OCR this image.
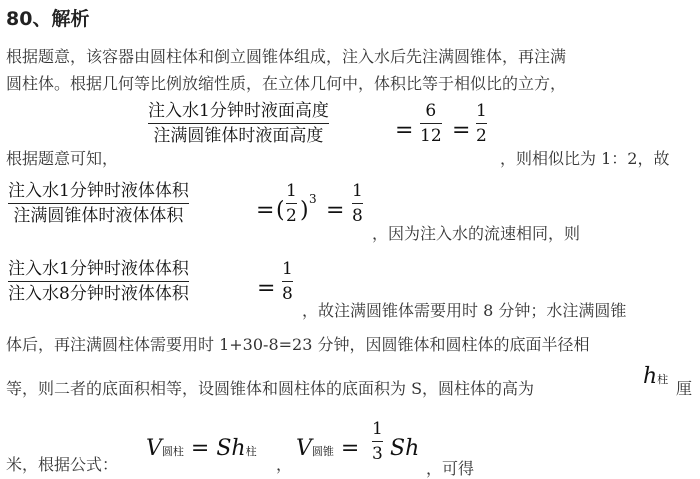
80、解析
根据题意，该容器由圆柱体和倒立圆锥体组成，注入水后先注满圆锥体，再注满
圆柱体。根据几何等比例放缩性质，在立体几何中，体积比等于相似比的立方，
根据题意可知，
注入水1分钟时液面高度
注满圆锥体时液面高度	=
6
12 =
1
2
，则相似比为 1：2，故
注入水1分钟时液体体积
注满圆锥体时液体体积	= (
1
2 ) 3 =
1
8
，因为注入水的流速相同，则
注入水1分钟时液体体积
注入水8分钟时液体体积	=
1
8
，故注满圆锥体需要用时 8 分钟；水注满圆锥
体后，再注满圆柱体需要用时 1+30-8=23 分钟，因圆锥体和圆柱体的底面半径相
等，则二者的底面积相等，设圆锥体和圆柱体的底面积为 S，圆柱体的高为	h柱 厘
米，根据公式：
V圆柱 = Sh柱
，
V圆锥 =
1
3 Sh
，可得
